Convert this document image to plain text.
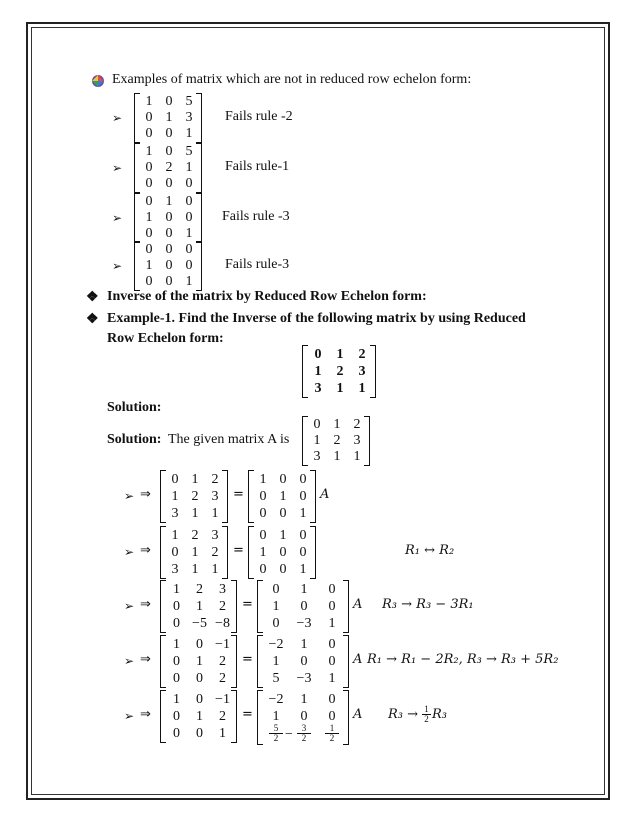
Examples of matrix which are not in reduced row echelon form:
➢
1 0 5
0 1 3
0 0 1
Fails rule -2
➢
1 0 5
0 2 1
0 0 0
Fails rule-1
➢
0 1 0
1 0 0
0 0 1
Fails rule -3
➢
0 0 0
1 0 0
0 0 1
Fails rule-3
❖ Inverse of the matrix by Reduced Row Echelon form:
❖ Example-1. Find the Inverse of the following matrix by using Reduced
Row Echelon form:
0	1	2
1	2	3
3	1	1
0 1 2
1 2 3
3 1 1
➢ ⇒
0 1 2
1 2 3
3 1 1
=
1 0 0
0 1 0
0 0 1
A
➢ ⇒
1 2 3
0 1 2
3 1 1
=
0 1 0
1 0 0
0 0 1
R₁ ↔ R₂
➢ ⇒
1	2	3
0	1	2
0 −5 −8
=
0	1	0
1	0	0
0	−3	1
A R₃ → R₃ − 3R₁
➢ ⇒
1	0 −1
0	1	2
0	0	2
=
−2	1	0
1	0	0
5	−3	1
A R₁ → R₁ − 2R₂, R₃ → R₃ + 5R₂
➢ ⇒
1	0 −1
0	1	2
0	0	1
=
−2	1	0
1	0	0
$\frac{5}{2} - \frac{3}{2} \frac{1}{2}$
A $R_3 \to \frac{1}{2} R_3$
Solution:
Solution: The given matrix A is
